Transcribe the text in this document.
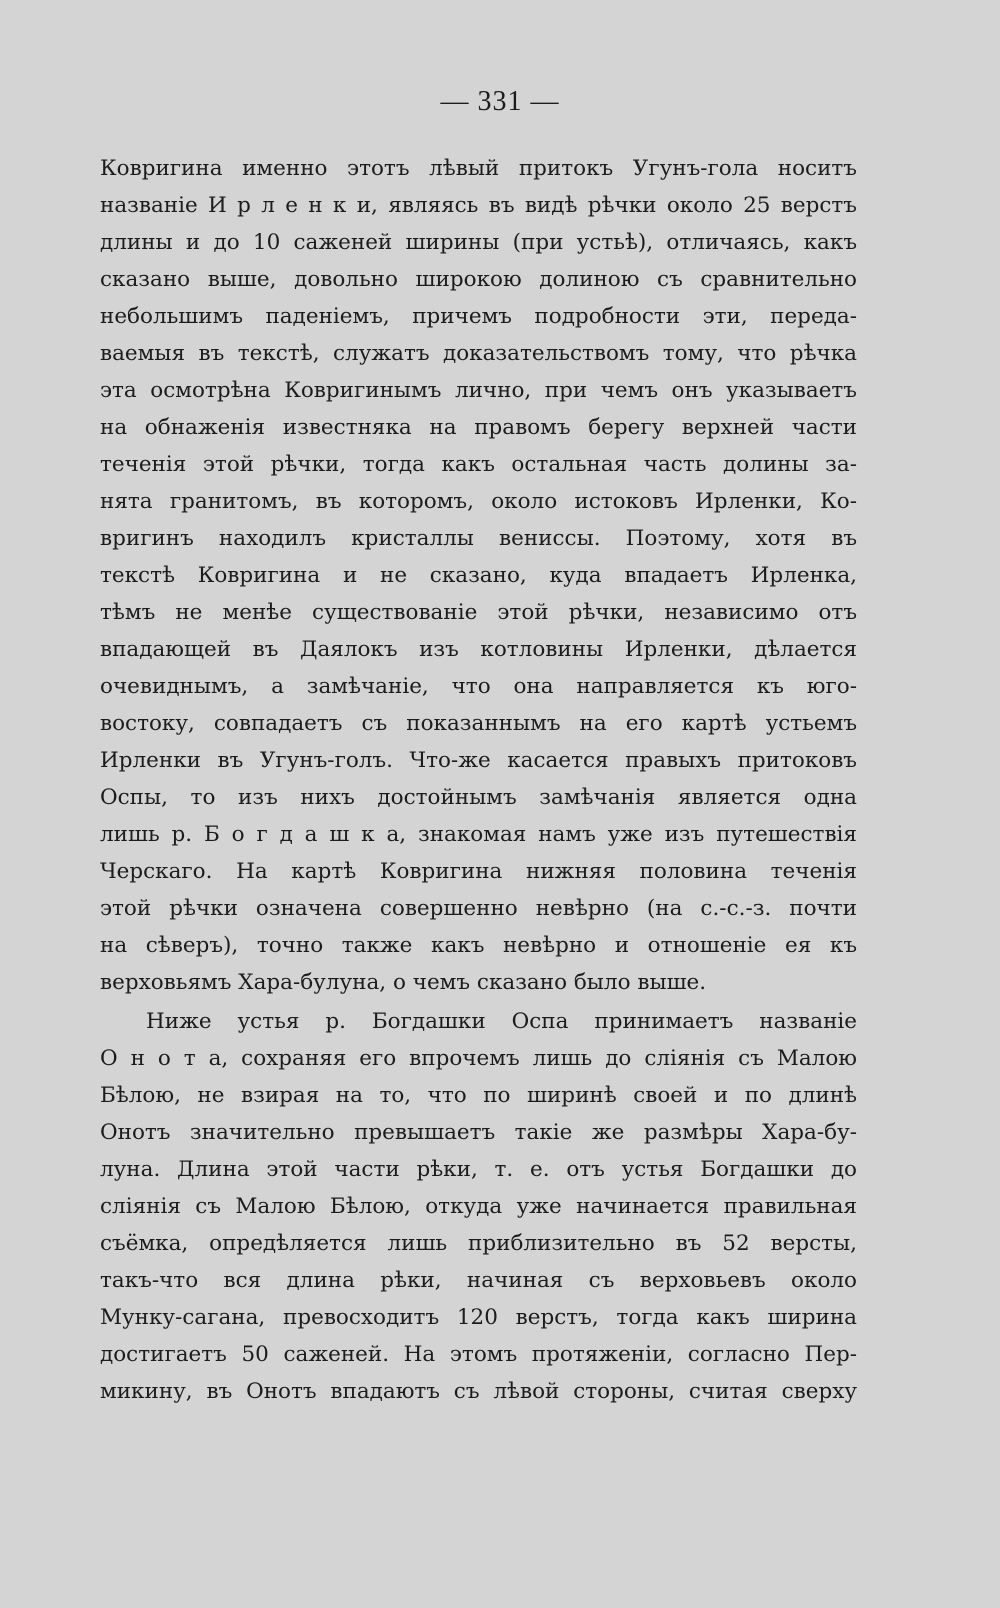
— 331 —
Ковригина именно этотъ лѣвый притокъ Угунъ-гола носитъ
названіе И р л е н к и, являясь въ видѣ рѣчки около 25 верстъ
длины и до 10 саженей ширины (при устьѣ), отличаясь, какъ
сказано выше, довольно широкою долиною съ сравнительно
небольшимъ паденіемъ, причемъ подробности эти, переда-
ваемыя въ текстѣ, служатъ доказательствомъ тому, что рѣчка
эта осмотрѣна Ковригинымъ лично, при чемъ онъ указываетъ
на обнаженія известняка на правомъ берегу верхней части
теченія этой рѣчки, тогда какъ остальная часть долины за-
нята гранитомъ, въ которомъ, около истоковъ Ирленки, Ко-
вригинъ находилъ кристаллы вениссы. Поэтому, хотя въ
текстѣ Ковригина и не сказано, куда впадаетъ Ирленка,
тѣмъ не менѣе существованіе этой рѣчки, независимо отъ
впадающей въ Даялокъ изъ котловины Ирленки, дѣлается
очевиднымъ, а замѣчаніе, что она направляется къ юго-
востоку, совпадаетъ съ показаннымъ на его картѣ устьемъ
Ирленки въ Угунъ-голъ. Что-же касается правыхъ притоковъ
Оспы, то изъ нихъ достойнымъ замѣчанія является одна
лишь р. Б о г д а ш к а, знакомая намъ уже изъ путешествія
Черскаго. На картѣ Ковригина нижняя половина теченія
этой рѣчки означена совершенно невѣрно (на с.-с.-з. почти
на сѣверъ), точно также какъ невѣрно и отношеніе ея къ
верховьямъ Хара-булуна, о чемъ сказано было выше.
Ниже устья р. Богдашки Оспа принимаетъ названіе
О н о т а, сохраняя его впрочемъ лишь до сліянія съ Малою
Бѣлою, не взирая на то, что по ширинѣ своей и по длинѣ
Онотъ значительно превышаетъ такіе же размѣры Хара-бу-
луна. Длина этой части рѣки, т. е. отъ устья Богдашки до
сліянія съ Малою Бѣлою, откуда уже начинается правильная
съёмка, опредѣляется лишь приблизительно въ 52 версты,
такъ-что вся длина рѣки, начиная съ верховьевъ около
Мунку-сагана, превосходитъ 120 верстъ, тогда какъ ширина
достигаетъ 50 саженей. На этомъ протяженіи, согласно Пер-
микину, въ Онотъ впадаютъ съ лѣвой стороны, считая сверху
